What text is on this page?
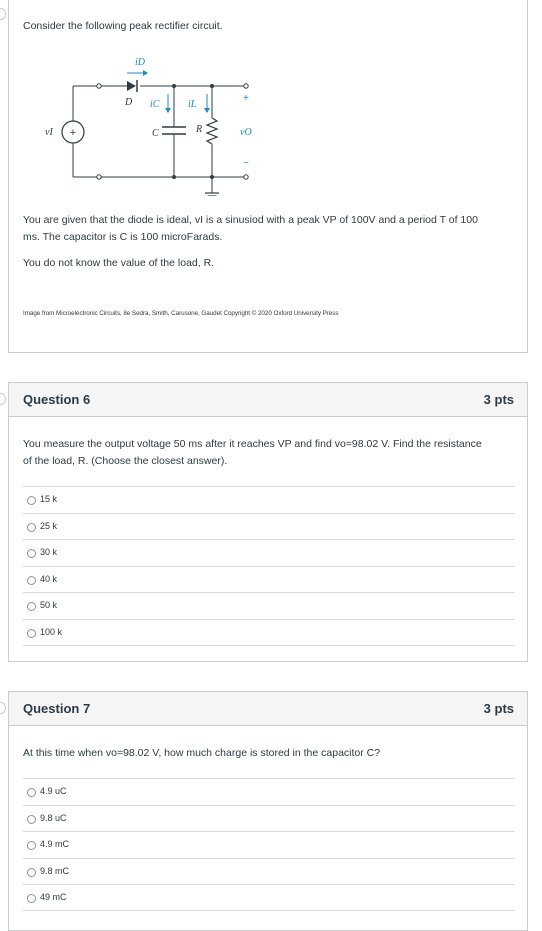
Consider the following peak rectifier circuit.
+
iD
D iC	iL
C	R
vI	vO
+
−
You are given that the diode is ideal, vI is a sinusiod with a peak VP of 100V and a period T of 100
ms. The capacitor is C is 100 microFarads.
You do not know the value of the load, R.
Image from Microelectronic Circuits, 8e Sedra, Smith, Carusone, Gaudet Copyright © 2020 Oxford University Press
Question 6	3 pts
You measure the output voltage 50 ms after it reaches VP and find vo=98.02 V. Find the resistance
of the load, R. (Choose the closest answer).
15 k
25 k
30 k
40 k
50 k
100 k
Question 7	3 pts
At this time when vo=98.02 V, how much charge is stored in the capacitor C?
4.9 uC
9.8 uC
4.9 mC
9.8 mC
49 mC
